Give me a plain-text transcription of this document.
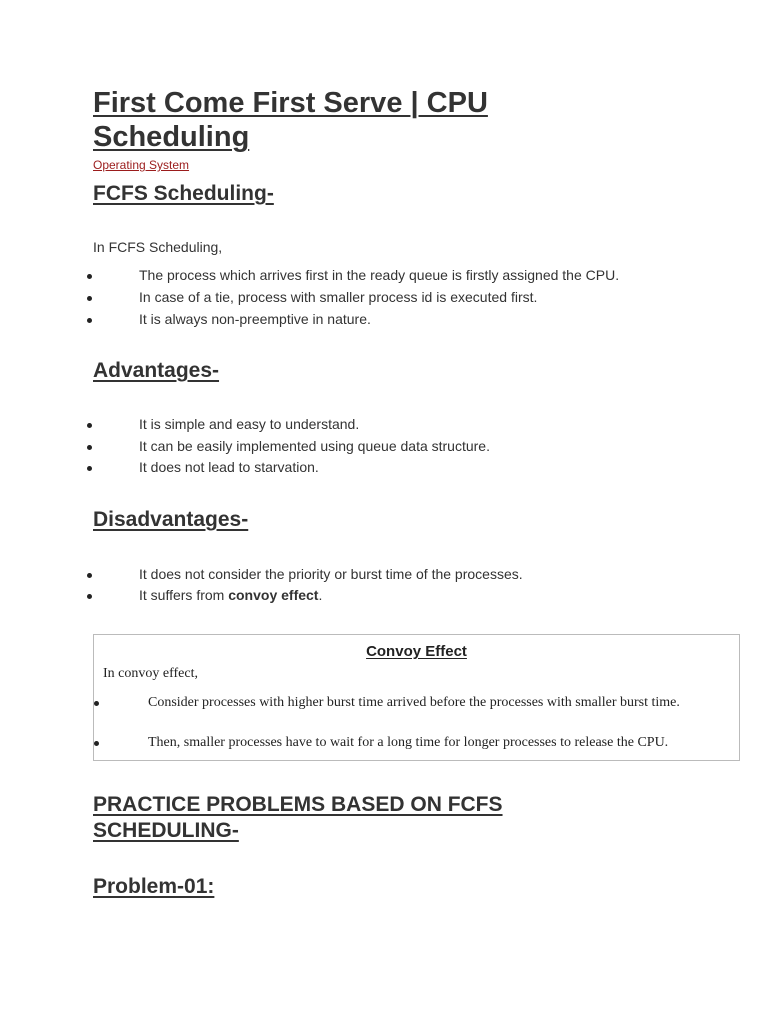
First Come First Serve | CPU
Scheduling
Operating System
FCFS Scheduling-
In FCFS Scheduling,
The process which arrives first in the ready queue is firstly assigned the CPU.
In case of a tie, process with smaller process id is executed first.
It is always non-preemptive in nature.
Advantages-
It is simple and easy to understand.
It can be easily implemented using queue data structure.
It does not lead to starvation.
Disadvantages-
It does not consider the priority or burst time of the processes.
It suffers from convoy effect.
Convoy Effect
In convoy effect,
Consider processes with higher burst time arrived before the processes with smaller burst time.
Then, smaller processes have to wait for a long time for longer processes to release the CPU.
PRACTICE PROBLEMS BASED ON FCFS
SCHEDULING-
Problem-01:
